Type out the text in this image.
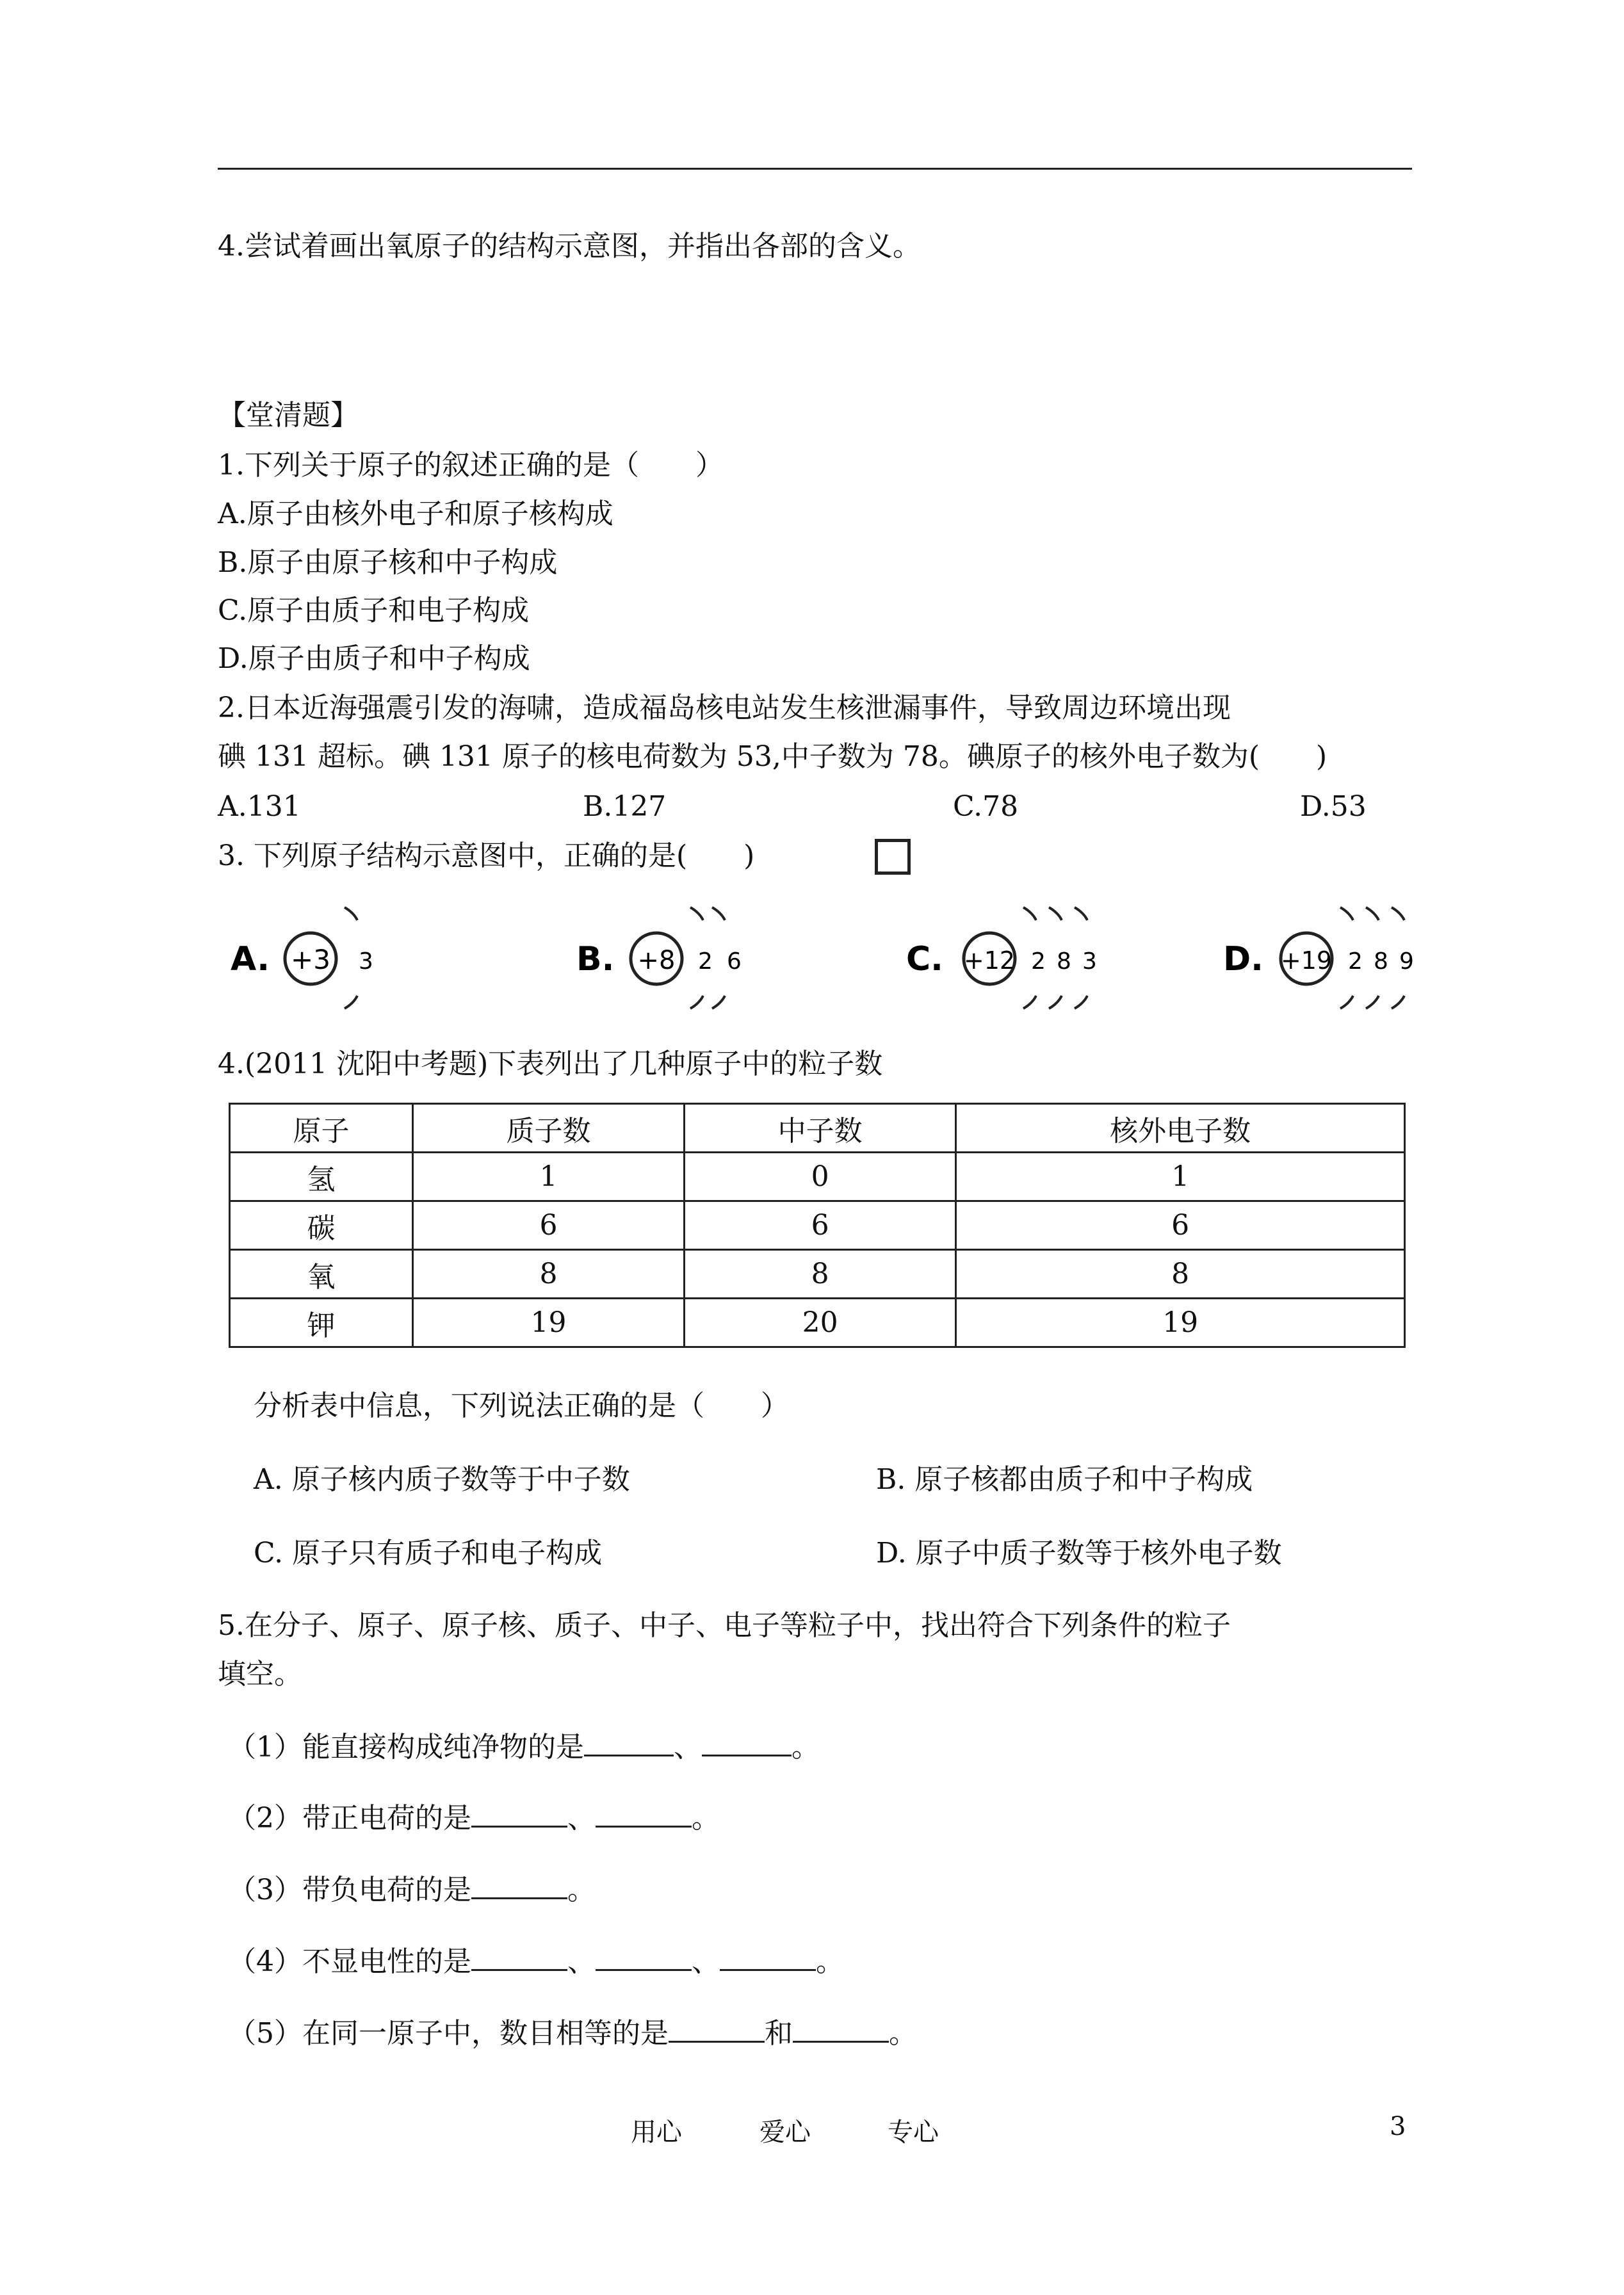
4.尝试着画出氧原子的结构示意图，并指出各部的含义。
【堂清题】
1.下列关于原子的叙述正确的是（　　）
A.原子由核外电子和原子核构成
B.原子由原子核和中子构成
C.原子由质子和电子构成
D.原子由质子和中子构成
2.日本近海强震引发的海啸，造成福岛核电站发生核泄漏事件，导致周边环境出现
碘 131 超标。碘 131 原子的核电荷数为 53,中子数为 78。碘原子的核外电子数为(　　)
A.131	B.127	C.78	D.53
3. 下列原子结构示意图中，正确的是(　　)
A. +3 3	B. +8 2 6	C. +12 2 8 3	D. +19 2 8 9
4.(2011 沈阳中考题)下表列出了几种原子中的粒子数
原子	质子数	中子数	核外电子数
氢	1	0	1
碳	6	6	6
氧	8	8	8
钾	19	20	19
分析表中信息，下列说法正确的是（　　）
A. 原子核内质子数等于中子数	B. 原子核都由质子和中子构成
C. 原子只有质子和电子构成	D. 原子中质子数等于核外电子数
5.在分子、原子、原子核、质子、中子、电子等粒子中，找出符合下列条件的粒子
填空。
（1）能直接构成纯净物的是	、	。
（2）带正电荷的是	、	。
（3）带负电荷的是	。
（4）不显电性的是	、	、	。
（5）在同一原子中，数目相等的是	和	。
用心	爱心	专心	3
